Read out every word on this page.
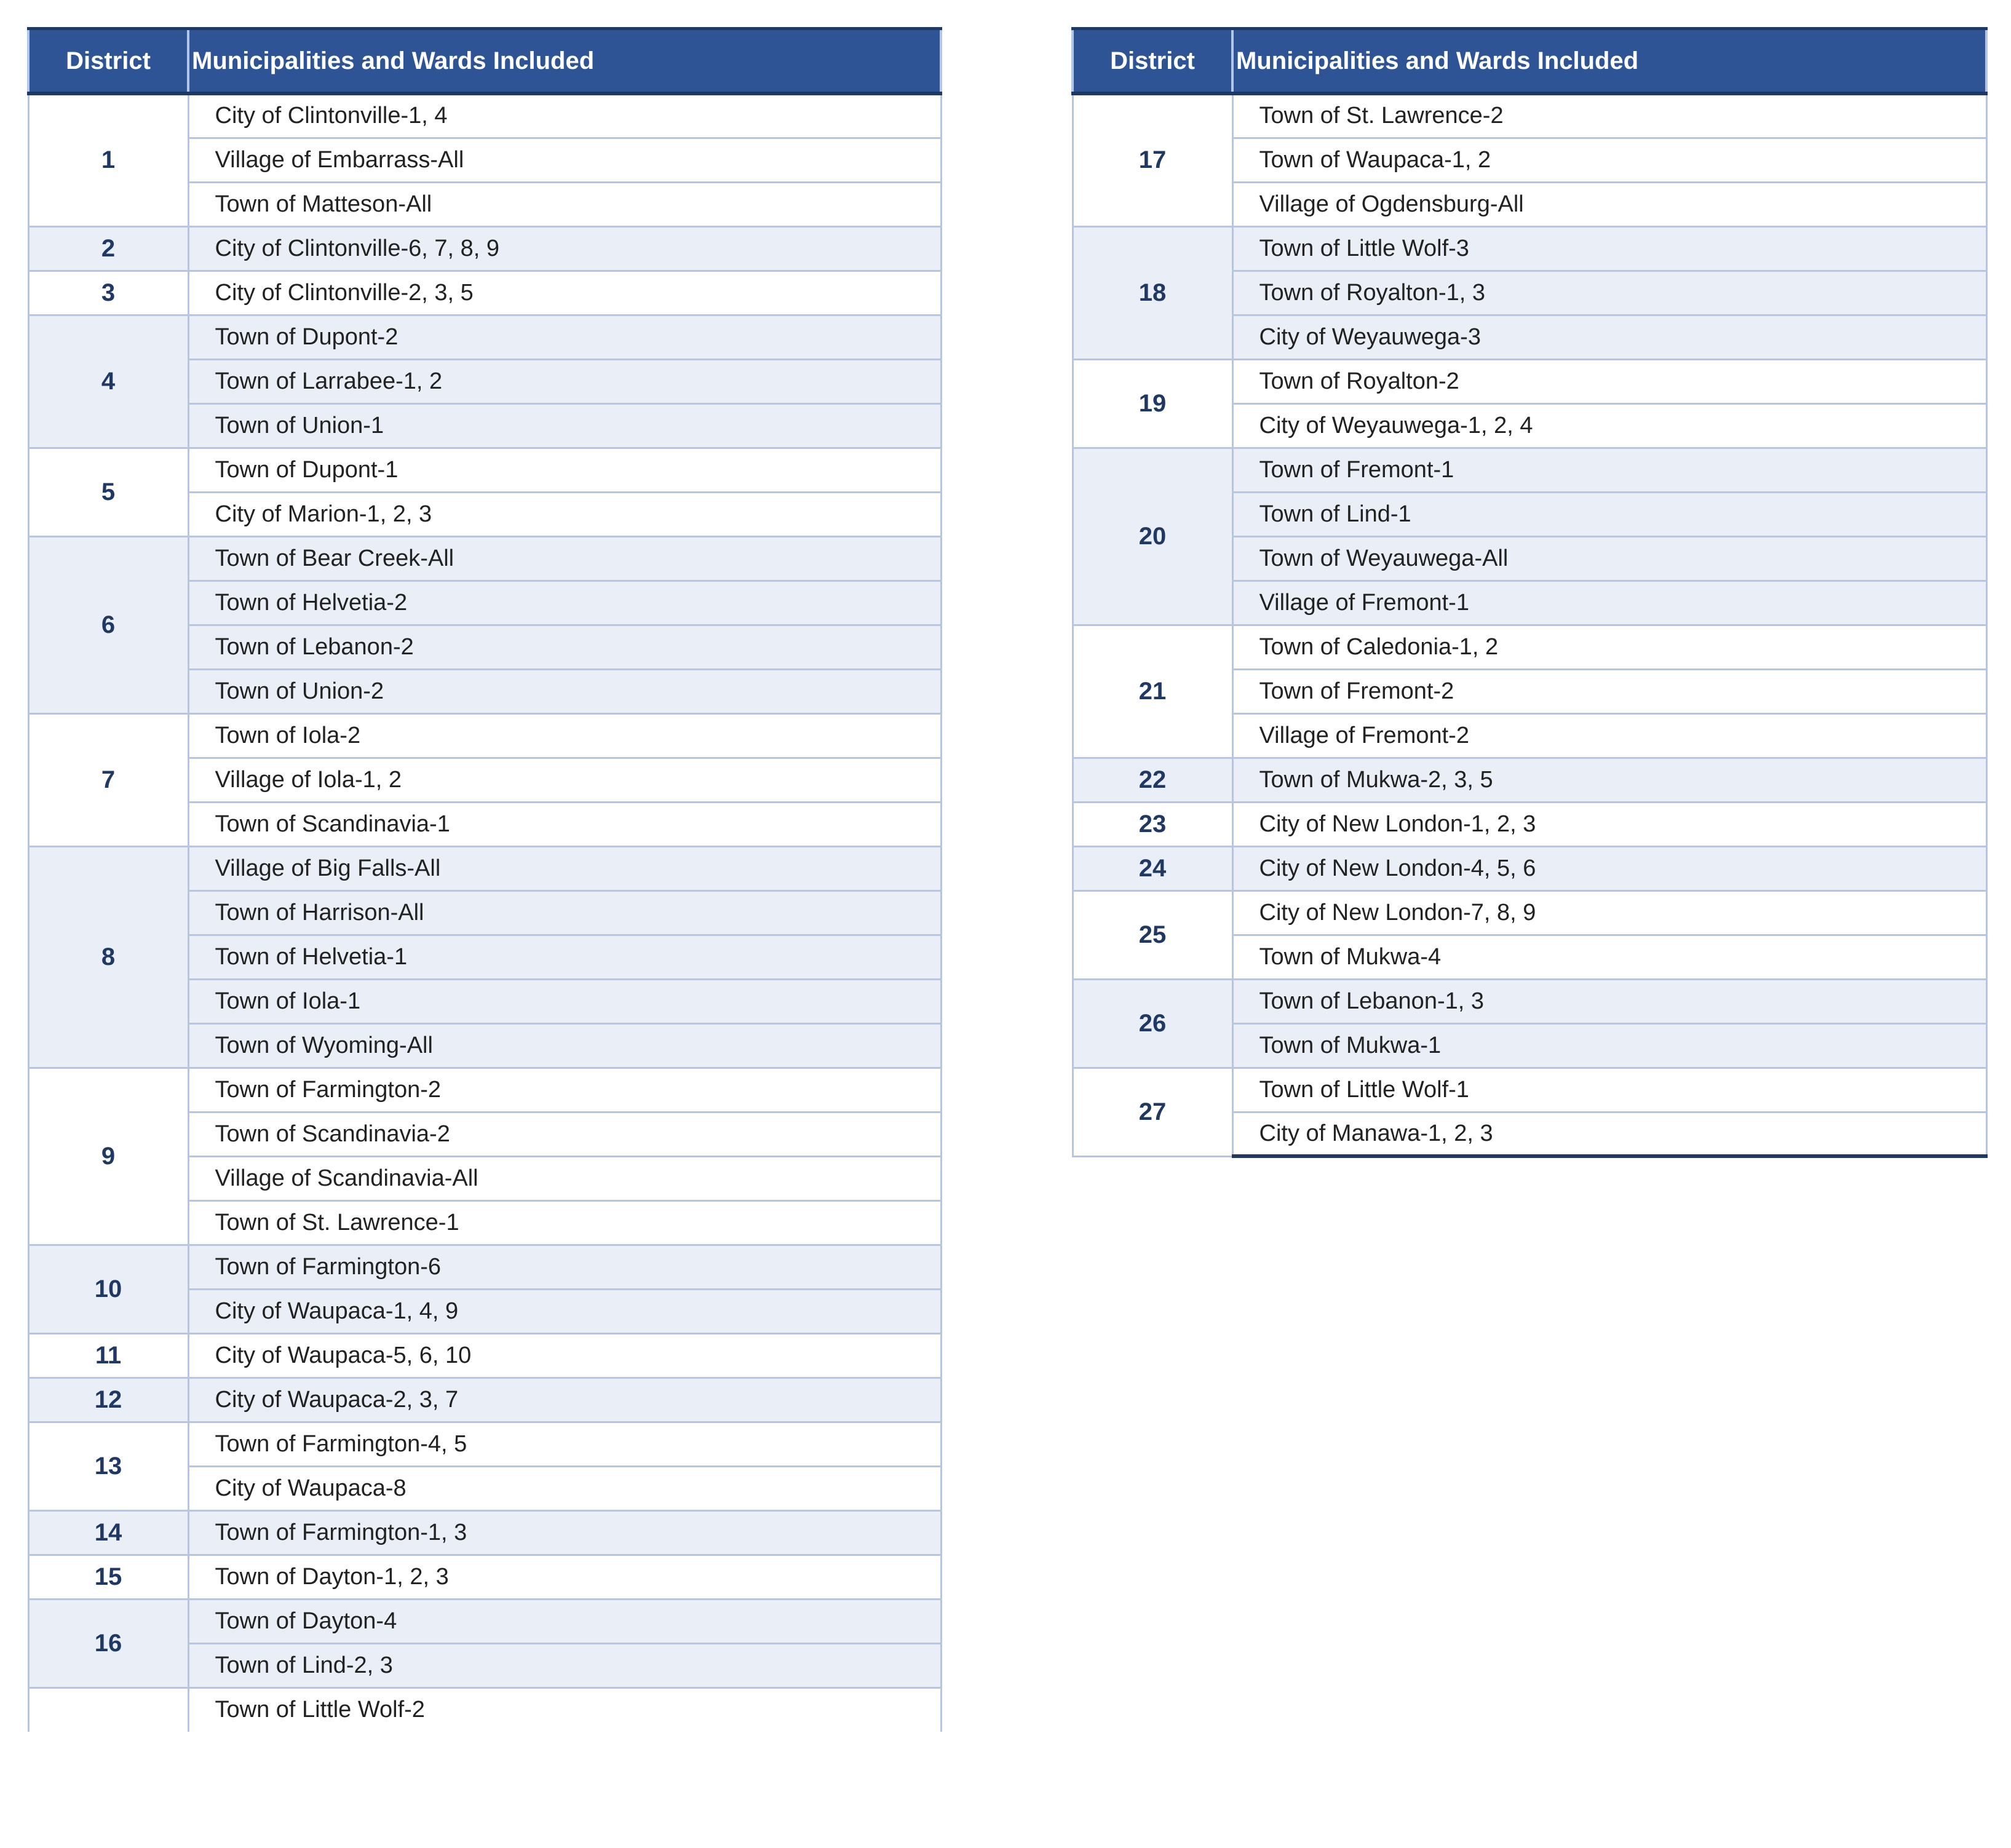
District	Municipalities and Wards Included
1	City of Clintonville-1, 4
	Village of Embarrass-All
	Town of Matteson-All
2	City of Clintonville-6, 7, 8, 9
3	City of Clintonville-2, 3, 5
4	Town of Dupont-2
	Town of Larrabee-1, 2
	Town of Union-1
5	Town of Dupont-1
	City of Marion-1, 2, 3
6	Town of Bear Creek-All
	Town of Helvetia-2
	Town of Lebanon-2
	Town of Union-2
7	Town of Iola-2
	Village of Iola-1, 2
	Town of Scandinavia-1
8	Village of Big Falls-All
	Town of Harrison-All
	Town of Helvetia-1
	Town of Iola-1
	Town of Wyoming-All
9	Town of Farmington-2
	Town of Scandinavia-2
	Village of Scandinavia-All
	Town of St. Lawrence-1
10	Town of Farmington-6
	City of Waupaca-1, 4, 9
11	City of Waupaca-5, 6, 10
12	City of Waupaca-2, 3, 7
13	Town of Farmington-4, 5
	City of Waupaca-8
14	Town of Farmington-1, 3
15	Town of Dayton-1, 2, 3
16	Town of Dayton-4
	Town of Lind-2, 3
	Town of Little Wolf-2
District	Municipalities and Wards Included
17	Town of St. Lawrence-2
	Town of Waupaca-1, 2
	Village of Ogdensburg-All
18	Town of Little Wolf-3
	Town of Royalton-1, 3
	City of Weyauwega-3
19	Town of Royalton-2
	City of Weyauwega-1, 2, 4
20	Town of Fremont-1
	Town of Lind-1
	Town of Weyauwega-All
	Village of Fremont-1
21	Town of Caledonia-1, 2
	Town of Fremont-2
	Village of Fremont-2
22	Town of Mukwa-2, 3, 5
23	City of New London-1, 2, 3
24	City of New London-4, 5, 6
25	City of New London-7, 8, 9
	Town of Mukwa-4
26	Town of Lebanon-1, 3
	Town of Mukwa-1
27	Town of Little Wolf-1
	City of Manawa-1, 2, 3
